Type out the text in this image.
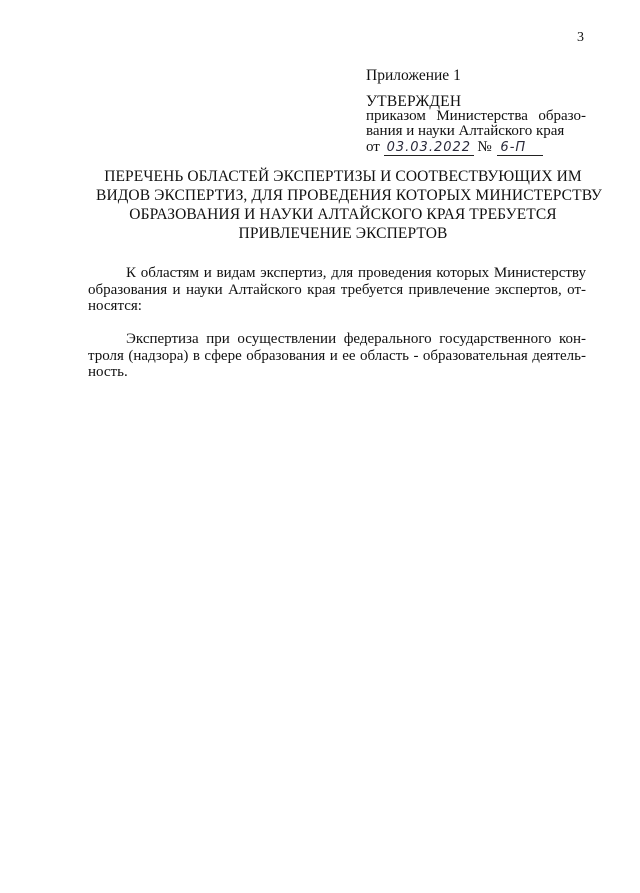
3
Приложение 1
УТВЕРЖДЕН
приказом Министерства образо-
вания и науки Алтайского края
от 03.03.2022 № 6-П
ПЕРЕЧЕНЬ ОБЛАСТЕЙ ЭКСПЕРТИЗЫ И СООТВЕСТВУЮЩИХ ИМ
ВИДОВ ЭКСПЕРТИЗ, ДЛЯ ПРОВЕДЕНИЯ КОТОРЫХ МИНИСТЕРСТВУ
ОБРАЗОВАНИЯ И НАУКИ АЛТАЙСКОГО КРАЯ ТРЕБУЕТСЯ
ПРИВЛЕЧЕНИЕ ЭКСПЕРТОВ
К областям и видам экспертиз, для проведения которых Министерству
образования и науки Алтайского края требуется привлечение экспертов, от-
носятся:
Экспертиза при осуществлении федерального государственного кон-
троля (надзора) в сфере образования и ее область - образовательная деятель-
ность.
